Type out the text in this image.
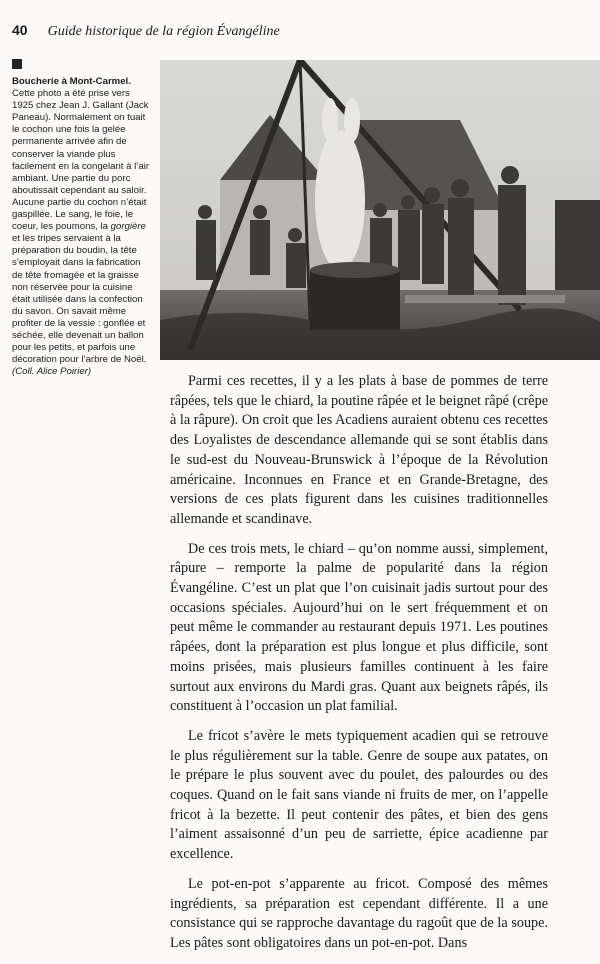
40 Guide historique de la région Évangéline
Boucherie à Mont-Carmel. Cette photo a été prise vers 1925 chez Jean J. Gallant (Jack Paneau). Normalement on tuait le cochon une fois la gelée permanente arrivée afin de conserver la viande plus facilement en la congelant à l’air ambiant. Une partie du porc aboutissait cependant au saloir. Aucune partie du cochon n’était gaspillée. Le sang, le foie, le coeur, les poumons, la gorgière et les tripes servaient à la préparation du boudin, la tête s’employait dans la fabrication de tête fromagée et la graisse non réservée pour la cuisine était utilisée dans la confection du savon. On savait même profiter de la vessie : gonflée et séchée, elle devenait un ballon pour les petits, et parfois une décoration pour l’arbre de Noël.
(Coll. Alice Poirier)

Parmi ces recettes, il y a les plats à base de pommes de terre râpées, tels que le chiard, la poutine râpée et le beignet râpé (crêpe à la râpure). On croit que les Acadiens auraient obtenu ces recettes des Loyalistes de descendance allemande qui se sont établis dans le sud-est du Nouveau-Brunswick à l’époque de la Révolution américaine. Inconnues en France et en Grande-Bretagne, des versions de ces plats figurent dans les cuisines traditionnelles allemande et scandinave.

De ces trois mets, le chiard – qu’on nomme aussi, simplement, râpure – remporte la palme de popularité dans la région Évangéline. C’est un plat que l’on cuisinait jadis surtout pour des occasions spéciales. Aujourd’hui on le sert fréquemment et on peut même le commander au restaurant depuis 1971. Les poutines râpées, dont la préparation est plus longue et plus difficile, sont moins prisées, mais plusieurs familles continuent à les faire surtout aux environs du Mardi gras. Quant aux beignets râpés, ils constituent à l’occasion un plat familial.

Le fricot s’avère le mets typiquement acadien qui se retrouve le plus régulièrement sur la table. Genre de soupe aux patates, on le prépare le plus souvent avec du poulet, des palourdes ou des coques. Quand on le fait sans viande ni fruits de mer, on l’appelle fricot à la bezette. Il peut contenir des pâtes, et bien des gens l’aiment assaisonné d’un peu de sarriette, épice acadienne par excellence.

Le pot-en-pot s’apparente au fricot. Composé des mêmes ingrédients, sa préparation est cependant différente. Il a une consistance qui se rapproche davantage du ragoût que de la soupe. Les pâtes sont obligatoires dans un pot-en-pot. Dans
